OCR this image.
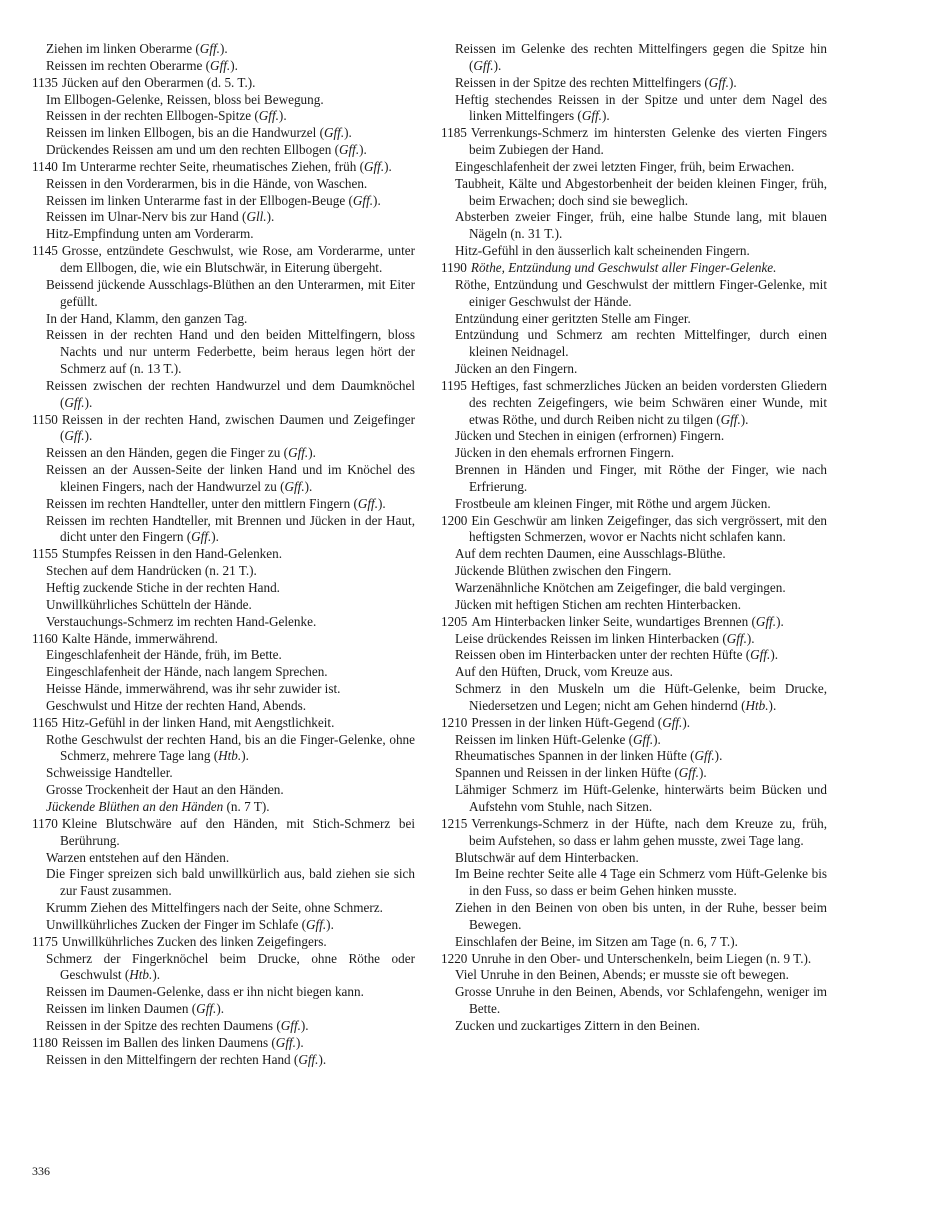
Ziehen im linken Oberarme (Gff.).
Reissen im rechten Oberarme (Gff.).
1135 Jücken auf den Oberarmen (d. 5. T.).
Im Ellbogen-Gelenke, Reissen, bloss bei Bewegung.
Reissen in der rechten Ellbogen-Spitze (Gff.).
Reissen im linken Ellbogen, bis an die Handwurzel (Gff.).
Drückendes Reissen am und um den rechten Ellbogen (Gff.).
1140 Im Unterarme rechter Seite, rheumatisches Ziehen, früh (Gff.).
Reissen in den Vorderarmen, bis in die Hände, von Waschen.
Reissen im linken Unterarme fast in der Ellbogen-Beuge (Gff.).
Reissen im Ulnar-Nerv bis zur Hand (Gll.).
Hitz-Empfindung unten am Vorderarm.
1145 Grosse, entzündete Geschwulst, wie Rose, am Vorderarme, unter dem Ellbogen, die, wie ein Blutschwär, in Eiterung übergeht.
Beissend jückende Ausschlags-Blüthen an den Unterarmen, mit Eiter gefüllt.
In der Hand, Klamm, den ganzen Tag.
Reissen in der rechten Hand und den beiden Mittelfingern, bloss Nachts und nur unterm Federbette, beim heraus legen hört der Schmerz auf (n. 13 T.).
Reissen zwischen der rechten Handwurzel und dem Daumknöchel (Gff.).
1150 Reissen in der rechten Hand, zwischen Daumen und Zeigefinger (Gff.).
Reissen an den Händen, gegen die Finger zu (Gff.).
Reissen an der Aussen-Seite der linken Hand und im Knöchel des kleinen Fingers, nach der Handwurzel zu (Gff.).
Reissen im rechten Handteller, unter den mittlern Fingern (Gff.).
Reissen im rechten Handteller, mit Brennen und Jücken in der Haut, dicht unter den Fingern (Gff.).
1155 Stumpfes Reissen in den Hand-Gelenken.
Stechen auf dem Handrücken (n. 21 T.).
Heftig zuckende Stiche in der rechten Hand.
Unwillkührliches Schütteln der Hände.
Verstauchungs-Schmerz im rechten Hand-Gelenke.
1160 Kalte Hände, immerwährend.
Eingeschlafenheit der Hände, früh, im Bette.
Eingeschlafenheit der Hände, nach langem Sprechen.
Heisse Hände, immerwährend, was ihr sehr zuwider ist.
Geschwulst und Hitze der rechten Hand, Abends.
1165 Hitz-Gefühl in der linken Hand, mit Aengstlichkeit.
Rothe Geschwulst der rechten Hand, bis an die Finger-Gelenke, ohne Schmerz, mehrere Tage lang (Htb.).
Schweissige Handteller.
Grosse Trockenheit der Haut an den Händen.
Jückende Blüthen an den Händen (n. 7 T).
1170 Kleine Blutschwäre auf den Händen, mit Stich-Schmerz bei Berührung.
Warzen entstehen auf den Händen.
Die Finger spreizen sich bald unwillkürlich aus, bald ziehen sie sich zur Faust zusammen.
Krumm Ziehen des Mittelfingers nach der Seite, ohne Schmerz.
Unwillkührliches Zucken der Finger im Schlafe (Gff.).
1175 Unwillkührliches Zucken des linken Zeigefingers.
Schmerz der Fingerknöchel beim Drucke, ohne Röthe oder Geschwulst (Htb.).
Reissen im Daumen-Gelenke, dass er ihn nicht biegen kann.
Reissen im linken Daumen (Gff.).
Reissen in der Spitze des rechten Daumens (Gff.).
1180 Reissen im Ballen des linken Daumens (Gff.).
Reissen in den Mittelfingern der rechten Hand (Gff.).
Reissen im Gelenke des rechten Mittelfingers gegen die Spitze hin (Gff.).
Reissen in der Spitze des rechten Mittelfingers (Gff.).
Heftig stechendes Reissen in der Spitze und unter dem Nagel des linken Mittelfingers (Gff.).
1185 Verrenkungs-Schmerz im hintersten Gelenke des vierten Fingers beim Zubiegen der Hand.
Eingeschlafenheit der zwei letzten Finger, früh, beim Erwachen.
Taubheit, Kälte und Abgestorbenheit der beiden kleinen Finger, früh, beim Erwachen; doch sind sie beweglich.
Absterben zweier Finger, früh, eine halbe Stunde lang, mit blauen Nägeln (n. 31 T.).
Hitz-Gefühl in den äusserlich kalt scheinenden Fingern.
1190 Röthe, Entzündung und Geschwulst aller Finger-Gelenke.
Röthe, Entzündung und Geschwulst der mittlern Finger-Gelenke, mit einiger Geschwulst der Hände.
Entzündung einer geritzten Stelle am Finger.
Entzündung und Schmerz am rechten Mittelfinger, durch einen kleinen Neidnagel.
Jücken an den Fingern.
1195 Heftiges, fast schmerzliches Jücken an beiden vordersten Gliedern des rechten Zeigefingers, wie beim Schwären einer Wunde, mit etwas Röthe, und durch Reiben nicht zu tilgen (Gff.).
Jücken und Stechen in einigen (erfrornen) Fingern.
Jücken in den ehemals erfrornen Fingern.
Brennen in Händen und Finger, mit Röthe der Finger, wie nach Erfrierung.
Frostbeule am kleinen Finger, mit Röthe und argem Jücken.
1200 Ein Geschwür am linken Zeigefinger, das sich vergrössert, mit den heftigsten Schmerzen, wovor er Nachts nicht schlafen kann.
Auf dem rechten Daumen, eine Ausschlags-Blüthe.
Jückende Blüthen zwischen den Fingern.
Warzenähnliche Knötchen am Zeigefinger, die bald vergingen.
Jücken mit heftigen Stichen am rechten Hinterbacken.
1205 Am Hinterbacken linker Seite, wundartiges Brennen (Gff.).
Leise drückendes Reissen im linken Hinterbacken (Gff.).
Reissen oben im Hinterbacken unter der rechten Hüfte (Gff.).
Auf den Hüften, Druck, vom Kreuze aus.
Schmerz in den Muskeln um die Hüft-Gelenke, beim Drucke, Niedersetzen und Legen; nicht am Gehen hindernd (Htb.).
1210 Pressen in der linken Hüft-Gegend (Gff.).
Reissen im linken Hüft-Gelenke (Gff.).
Rheumatisches Spannen in der linken Hüfte (Gff.).
Spannen und Reissen in der linken Hüfte (Gff.).
Lähmiger Schmerz im Hüft-Gelenke, hinterwärts beim Bücken und Aufstehn vom Stuhle, nach Sitzen.
1215 Verrenkungs-Schmerz in der Hüfte, nach dem Kreuze zu, früh, beim Aufstehen, so dass er lahm gehen musste, zwei Tage lang.
Blutschwär auf dem Hinterbacken.
Im Beine rechter Seite alle 4 Tage ein Schmerz vom Hüft-Gelenke bis in den Fuss, so dass er beim Gehen hinken musste.
Ziehen in den Beinen von oben bis unten, in der Ruhe, besser beim Bewegen.
Einschlafen der Beine, im Sitzen am Tage (n. 6, 7 T.).
1220 Unruhe in den Ober- und Unterschenkeln, beim Liegen (n. 9 T.).
Viel Unruhe in den Beinen, Abends; er musste sie oft bewegen.
Grosse Unruhe in den Beinen, Abends, vor Schlafengehn, weniger im Bette.
Zucken und zuckartiges Zittern in den Beinen.
336
